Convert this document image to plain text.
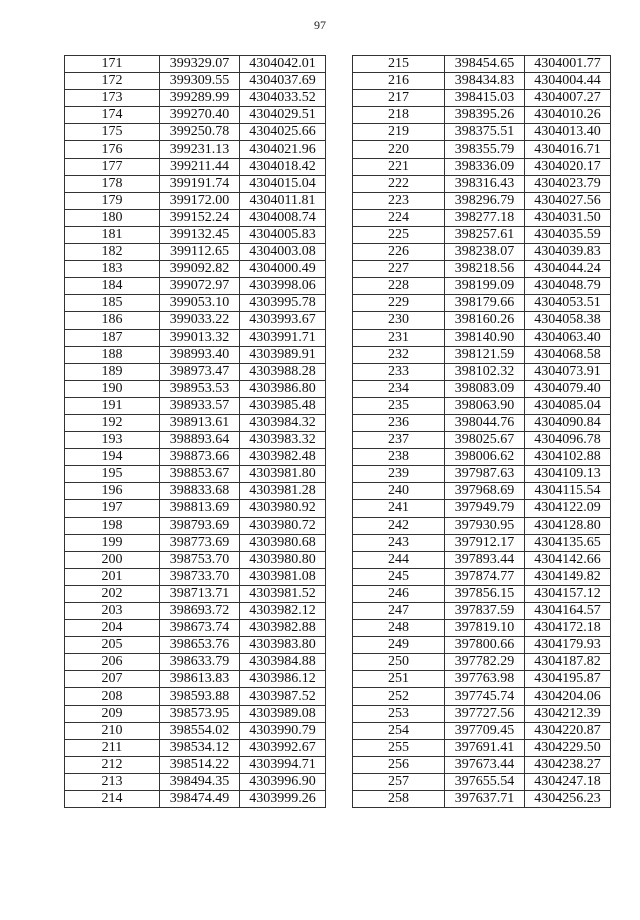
97
171	399329.07	4304042.01
172	399309.55	4304037.69
173	399289.99	4304033.52
174	399270.40	4304029.51
175	399250.78	4304025.66
176	399231.13	4304021.96
177	399211.44	4304018.42
178	399191.74	4304015.04
179	399172.00	4304011.81
180	399152.24	4304008.74
181	399132.45	4304005.83
182	399112.65	4304003.08
183	399092.82	4304000.49
184	399072.97	4303998.06
185	399053.10	4303995.78
186	399033.22	4303993.67
187	399013.32	4303991.71
188	398993.40	4303989.91
189	398973.47	4303988.28
190	398953.53	4303986.80
191	398933.57	4303985.48
192	398913.61	4303984.32
193	398893.64	4303983.32
194	398873.66	4303982.48
195	398853.67	4303981.80
196	398833.68	4303981.28
197	398813.69	4303980.92
198	398793.69	4303980.72
199	398773.69	4303980.68
200	398753.70	4303980.80
201	398733.70	4303981.08
202	398713.71	4303981.52
203	398693.72	4303982.12
204	398673.74	4303982.88
205	398653.76	4303983.80
206	398633.79	4303984.88
207	398613.83	4303986.12
208	398593.88	4303987.52
209	398573.95	4303989.08
210	398554.02	4303990.79
211	398534.12	4303992.67
212	398514.22	4303994.71
213	398494.35	4303996.90
214	398474.49	4303999.26
215	398454.65	4304001.77
216	398434.83	4304004.44
217	398415.03	4304007.27
218	398395.26	4304010.26
219	398375.51	4304013.40
220	398355.79	4304016.71
221	398336.09	4304020.17
222	398316.43	4304023.79
223	398296.79	4304027.56
224	398277.18	4304031.50
225	398257.61	4304035.59
226	398238.07	4304039.83
227	398218.56	4304044.24
228	398199.09	4304048.79
229	398179.66	4304053.51
230	398160.26	4304058.38
231	398140.90	4304063.40
232	398121.59	4304068.58
233	398102.32	4304073.91
234	398083.09	4304079.40
235	398063.90	4304085.04
236	398044.76	4304090.84
237	398025.67	4304096.78
238	398006.62	4304102.88
239	397987.63	4304109.13
240	397968.69	4304115.54
241	397949.79	4304122.09
242	397930.95	4304128.80
243	397912.17	4304135.65
244	397893.44	4304142.66
245	397874.77	4304149.82
246	397856.15	4304157.12
247	397837.59	4304164.57
248	397819.10	4304172.18
249	397800.66	4304179.93
250	397782.29	4304187.82
251	397763.98	4304195.87
252	397745.74	4304204.06
253	397727.56	4304212.39
254	397709.45	4304220.87
255	397691.41	4304229.50
256	397673.44	4304238.27
257	397655.54	4304247.18
258	397637.71	4304256.23
